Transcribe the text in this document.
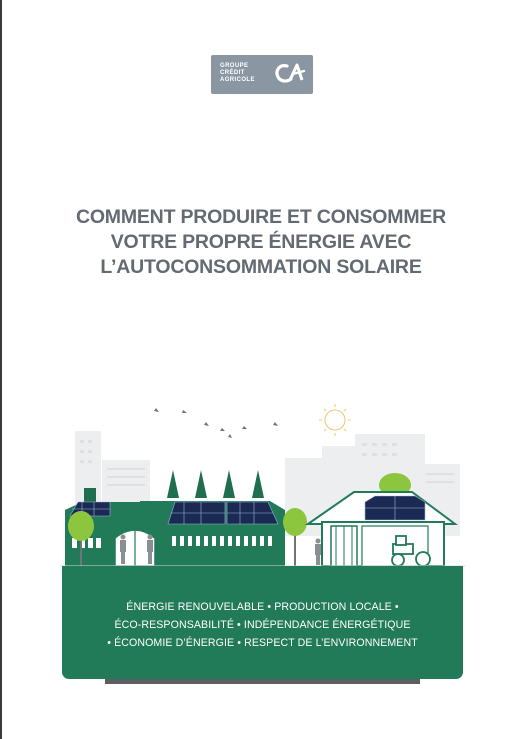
GROUPE
CRÉDIT
AGRICOLE
COMMENT PRODUIRE ET CONSOMMER
VOTRE PROPRE ÉNERGIE AVEC
L’AUTOCONSOMMATION SOLAIRE
ÉNERGIE RENOUVELABLE • PRODUCTION LOCALE •
ÉCO-RESPONSABILITÉ • INDÉPENDANCE ÉNERGÉTIQUE
• ÉCONOMIE D’ÉNERGIE • RESPECT DE L’ENVIRONNEMENT
